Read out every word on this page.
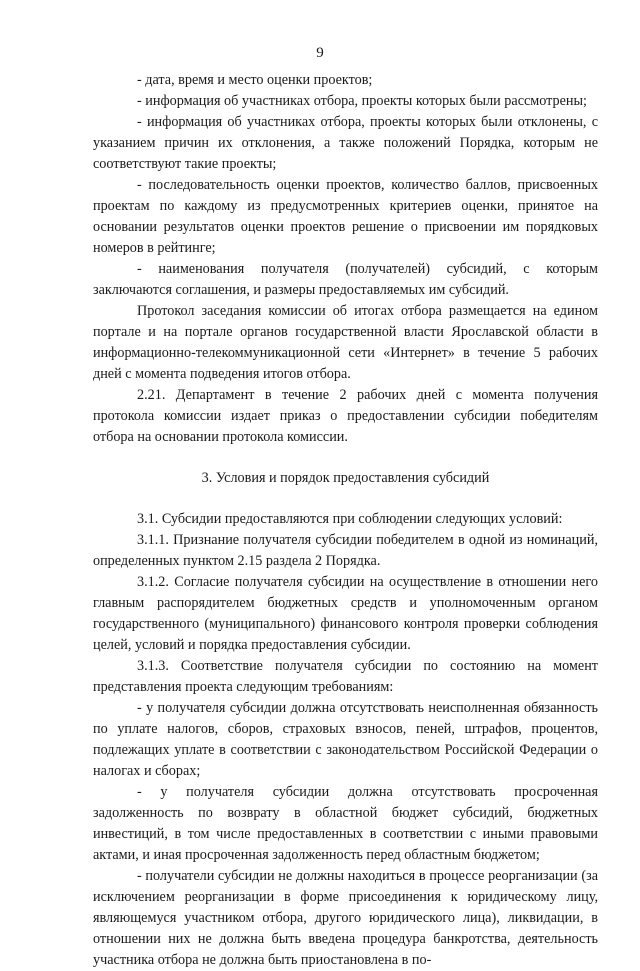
9

- дата, время и место оценки проектов;

- информация об участниках отбора, проекты которых были рассмотрены;

- информация об участниках отбора, проекты которых были отклонены, с указанием причин их отклонения, а также положений Порядка, которым не соответствуют такие проекты;

- последовательность оценки проектов, количество баллов, присвоенных проектам по каждому из предусмотренных критериев оценки, принятое на основании результатов оценки проектов решение о присвоении им порядковых номеров в рейтинге;

- наименования получателя (получателей) субсидий, с которым заключаются соглашения, и размеры предоставляемых им субсидий.

Протокол заседания комиссии об итогах отбора размещается на едином портале и на портале органов государственной власти Ярославской области в информационно-телекоммуникационной сети «Интернет» в течение 5 рабочих дней с момента подведения итогов отбора.

2.21. Департамент в течение 2 рабочих дней с момента получения протокола комиссии издает приказ о предоставлении субсидии победителям отбора на основании протокола комиссии.

3. Условия и порядок предоставления субсидий

3.1. Субсидии предоставляются при соблюдении следующих условий:

3.1.1. Признание получателя субсидии победителем в одной из номинаций, определенных пунктом 2.15 раздела 2 Порядка.

3.1.2. Согласие получателя субсидии на осуществление в отношении него главным распорядителем бюджетных средств и уполномоченным органом государственного (муниципального) финансового контроля проверки соблюдения целей, условий и порядка предоставления субсидии.

3.1.3. Соответствие получателя субсидии по состоянию на момент представления проекта следующим требованиям:

- у получателя субсидии должна отсутствовать неисполненная обязанность по уплате налогов, сборов, страховых взносов, пеней, штрафов, процентов, подлежащих уплате в соответствии с законодательством Российской Федерации о налогах и сборах;

- у получателя субсидии должна отсутствовать просроченная задолженность по возврату в областной бюджет субсидий, бюджетных инвестиций, в том числе предоставленных в соответствии с иными правовыми актами, и иная просроченная задолженность перед областным бюджетом;

- получатели субсидии не должны находиться в процессе реорганизации (за исключением реорганизации в форме присоединения к юридическому лицу, являющемуся участником отбора, другого юридического лица), ликвидации, в отношении них не должна быть введена процедура банкротства, деятельность участника отбора не должна быть приостановлена в по-
